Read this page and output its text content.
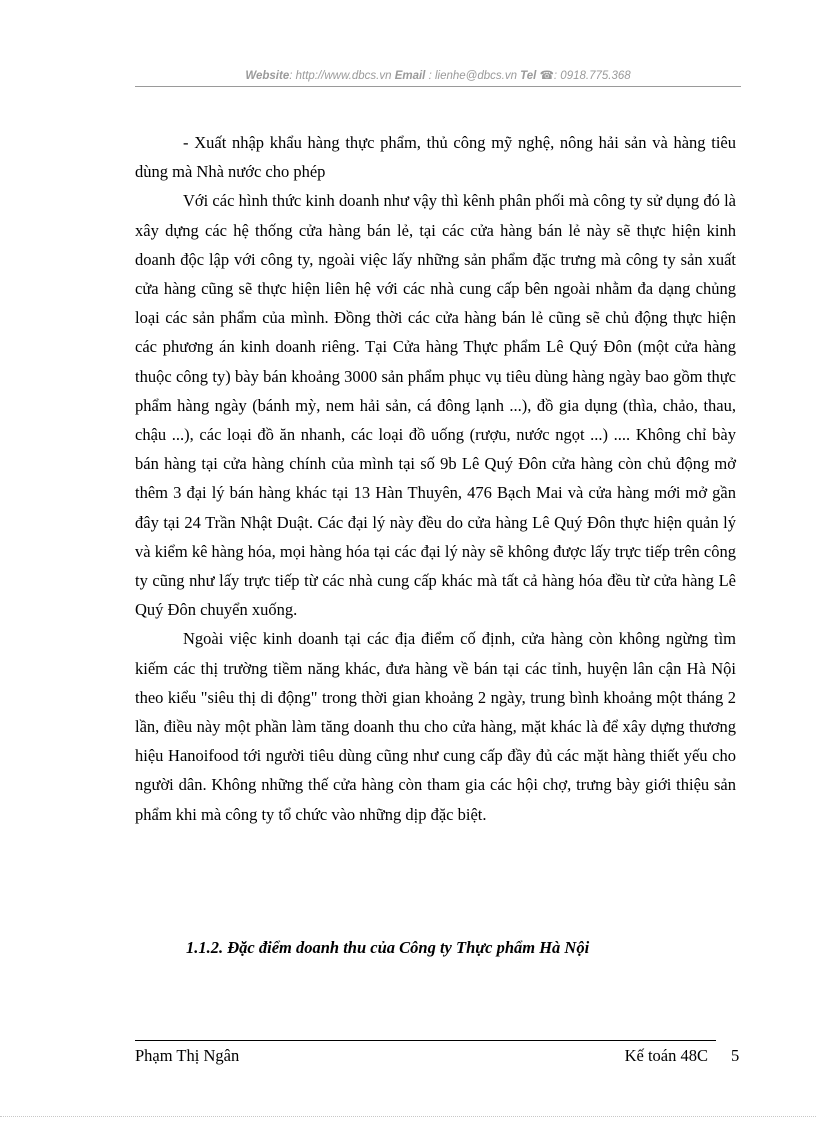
Website: http://www.dbcs.vn Email : lienhe@dbcs.vn Tel ☎: 0918.775.368

- Xuất nhập khẩu hàng thực phẩm, thủ công mỹ nghệ, nông hải sản và hàng tiêu dùng mà Nhà nước cho phép

Với các hình thức kinh doanh như vậy thì kênh phân phối mà công ty sử dụng đó là xây dựng các hệ thống cửa hàng bán lẻ, tại các cửa hàng bán lẻ này sẽ thực hiện kinh doanh độc lập với công ty, ngoài việc lấy những sản phẩm đặc trưng mà công ty sản xuất cửa hàng cũng sẽ thực hiện liên hệ với các nhà cung cấp bên ngoài nhằm đa dạng chủng loại các sản phẩm của mình. Đồng thời các cửa hàng bán lẻ cũng sẽ chủ động thực hiện các phương án kinh doanh riêng. Tại Cửa hàng Thực phẩm Lê Quý Đôn (một cửa hàng thuộc công ty) bày bán khoảng 3000 sản phẩm phục vụ tiêu dùng hàng ngày bao gồm thực phẩm hàng ngày (bánh mỳ, nem hải sản, cá đông lạnh ...), đồ gia dụng (thìa, chảo, thau, chậu ...), các loại đồ ăn nhanh, các loại đồ uống (rượu, nước ngọt ...) .... Không chỉ bày bán hàng tại cửa hàng chính của mình tại số 9b Lê Quý Đôn cửa hàng còn chủ động mở thêm 3 đại lý bán hàng khác tại 13 Hàn Thuyên, 476 Bạch Mai và cửa hàng mới mở gần đây tại 24 Trần Nhật Duật. Các đại lý này đều do cửa hàng Lê Quý Đôn thực hiện quản lý và kiểm kê hàng hóa, mọi hàng hóa tại các đại lý này sẽ không được lấy trực tiếp trên công ty cũng như lấy trực tiếp từ các nhà cung cấp khác mà tất cả hàng hóa đều từ cửa hàng Lê Quý Đôn chuyển xuống.

Ngoài việc kinh doanh tại các địa điểm cố định, cửa hàng còn không ngừng tìm kiếm các thị trường tiềm năng khác, đưa hàng về bán tại các tỉnh, huyện lân cận Hà Nội theo kiểu "siêu thị di động" trong thời gian khoảng 2 ngày, trung bình khoảng một tháng 2 lần, điều này một phần làm tăng doanh thu cho cửa hàng, mặt khác là để xây dựng thương hiệu Hanoifood tới người tiêu dùng cũng như cung cấp đầy đủ các mặt hàng thiết yếu cho người dân. Không những thế cửa hàng còn tham gia các hội chợ, trưng bày giới thiệu sản phẩm khi mà công ty tổ chức vào những dịp đặc biệt.

1.1.2. Đặc điểm doanh thu của Công ty Thực phẩm Hà Nội
Phạm Thị Ngân	Kế toán 48C 5
